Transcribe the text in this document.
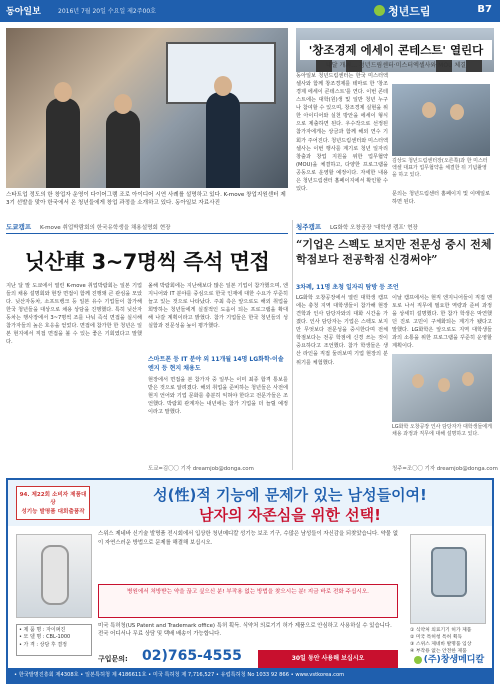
동아일보	2016년 7월 20일 수요일 제2주00호	청년드림	B7
스타트업 정도의 한 창업자 운영이 다이어그램 조로 아이디어 시연 사례를 설명하고 있다. K-move 창업지원센터 제3기 선발을 맞아 한국에서 온 청년들에게 창업 과정을 소개하고 있다. 동아일보 자료사진
'창조경제 에세이 콘테스트' 열린다
내달 개최… 청년드림센터·미스터엑셀사와 MOU 체결
동아일보 청년드림센터는 한국 미스터엑셀사와 함께 창조경제를 테마로 한 '창조경제 에세이 콘테스트'를 연다. 이번 콘테스트에는 대학(원)생 및 일반 청년 누구나 참여할 수 있으며, 창조경제 실현을 위한 아이디어와 실천 방안을 에세이 형식으로 제출하면 된다. 우수작으로 선정된 참가자에게는 상금과 함께 해외 연수 기회가 주어진다. 청년드림센터와 미스터엑셀사는 이번 행사를 계기로 청년 일자리 창출과 창업 지원을 위한 업무협약(MOU)을 체결하고, 다양한 프로그램을 공동으로 운영할 예정이다. 자세한 내용은 청년드림센터 홈페이지에서 확인할 수 있다.
김상도 청년드림센터장(오른쪽)과 한 미스터엑셀 대표가 업무협약을 체결한 뒤 기념촬영을 하고 있다.
문의는 청년드림센터 홈페이지 및 이메일로 하면 된다.
도쿄캠프 K-move 취업박람회의 한국유학생을 채용설명회 현장	청주캠프 LG화학 오창공장 '대학생 캠프' 현장
닛산車 3~7명씩 즉석 면접
지난 달 말 도쿄에서 열린 K-move 취업박람회는 일본 기업들의 채용 설명회와 현장 면접이 함께 진행돼 큰 관심을 모았다. 닛산자동차, 소프트뱅크 등 일본 유수 기업들이 참가해 한국 청년들을 대상으로 채용 상담을 진행했다. 특히 닛산자동차는 행사장에서 3~7명씩 조를 나눠 즉석 면접을 실시해 참가자들의 높은 호응을 얻었다. 면접에 참가한 한 청년은 일본 현지에서 직접 면접을 볼 수 있는 좋은 기회였다고 말했다.
스마트폰 등 IT 분야 외 11개월 14명 LG화학·이솔엔지 등 현지 채용도
올해 박람회에는 지난해보다 많은 일본 기업이 참가했으며, 엔지니어와 IT 분야를 중심으로 한국 인재에 대한 수요가 꾸준히 늘고 있는 것으로 나타났다. 주최 측은 앞으로도 해외 취업을 희망하는 청년들에게 실질적인 도움이 되는 프로그램을 확대해 나갈 계획이라고 밝혔다. 참가 기업들은 한국 청년들의 성실함과 전문성을 높이 평가했다.
현장에서 면접을 본 참가자 중 일부는 이미 최종 합격 통보를 받은 것으로 알려졌다. 해외 취업을 준비하는 청년들은 사전에 현지 언어와 기업 문화를 충분히 익혀야 한다고 전문가들은 조언했다. 박람회 관계자는 내년에는 참가 기업을 더 늘릴 예정이라고 말했다.
도쿄=김〇〇 기자 dreamjob@donga.com
“기업은 스펙도 보지만 전문성 중시 전체 학점보다 전공학점 신경써야”
3차례, 11명 초청 일자리 탐방 등 조언
LG화학 오창공장에서 열린 대학생 캠프에는 충청 지역 대학생들이 참가해 현장 견학과 인사 담당자와의 대화 시간을 가졌다. 인사 담당자는 기업은 스펙도 보지만 무엇보다 전문성을 중시한다며 전체 학점보다는 전공 학점에 신경 쓰는 것이 중요하다고 조언했다. 참가 학생들은 생산 라인을 직접 둘러보며 기업 현장의 분위기를 체험했다.
이날 캠프에서는 현직 엔지니어들이 직접 멘토로 나서 직무에 필요한 역량과 준비 과정을 상세히 설명했다. 한 참가 학생은 막연했던 진로 고민이 구체화되는 계기가 됐다고 말했다. LG화학은 앞으로도 지역 대학생들과의 소통을 위한 프로그램을 꾸준히 운영할 계획이다.
LG화학 오창공장 인사 담당자가 대학생들에게 채용 과정과 직무에 대해 설명하고 있다.
청주=조〇〇 기자 dreamjob@donga.com
94. 제22회 소비자 제품대상
성기능 발명품 대회출품작
성(性)적 기능에 문제가 있는 남성들이여!
남자의 자존심을 위한 선택!
스위스 제네바 신기술 발명품 전시회에서 입상한 청년메디칼 성기능 보조 기구, 수많은 남성들이 자신감을 되찾았습니다. 약물 없이 자연스러운 방법으로 문제를 해결해 보십시오.
병원에서 처방받는 약을 끊고 싶으신 분! 부작용 없는 방법을 찾으시는 분! 지금 바로 전화 주십시오.
미국 특허청(US Patent and Trademark office) 특허 획득. 식약처 의료기기 허가 제품으로 안심하고 사용하실 수 있습니다. 전국 어디서나 무료 상담 및 택배 배송이 가능합니다.
① 식약처 의료기기 허가 제품
② 미국 특허청 특허 획득
③ 스위스 제네바 발명품 입상
④ 부작용 없는 안전한 제품
• 제 품 명 : 자이퍼진
• 모 델 명 : CBL-1000
• 가 격 : 상담 후 결정
구입문의: 02)765-4555	30일 동안 사용해 보십시오	(주)창생메디칼
• 한국발명진흥회 제4308호 • 일본특허청 제 4186611호 • 미국 특허청 제 7,716,527 • 유럽특허청 No 1033 92 866 • www.vstkorea.com
